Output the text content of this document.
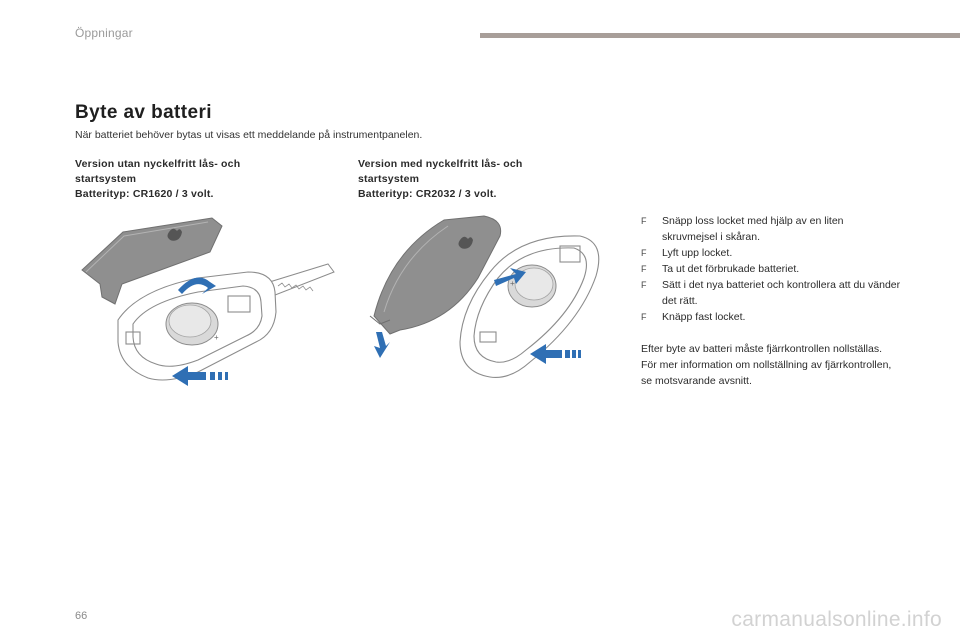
Öppningar
Byte av batteri
När batteriet behöver bytas ut visas ett meddelande på instrumentpanelen.
Version utan nyckelfritt lås- och
startsystem
Batterityp: CR1620 / 3 volt.
Version med nyckelfritt lås- och
startsystem
Batterityp: CR2032 / 3 volt.
+
+
F Snäpp loss locket med hjälp av en liten skruvmejsel i skåran.
F Lyft upp locket.
F Ta ut det förbrukade batteriet.
F Sätt i det nya batteriet och kontrollera att du vänder det rätt.
F Knäpp fast locket.

Efter byte av batteri måste fjärrkontrollen nollställas.

För mer information om nollställning av fjärrkontrollen, se motsvarande avsnitt.

66	carmanualsonline.info
